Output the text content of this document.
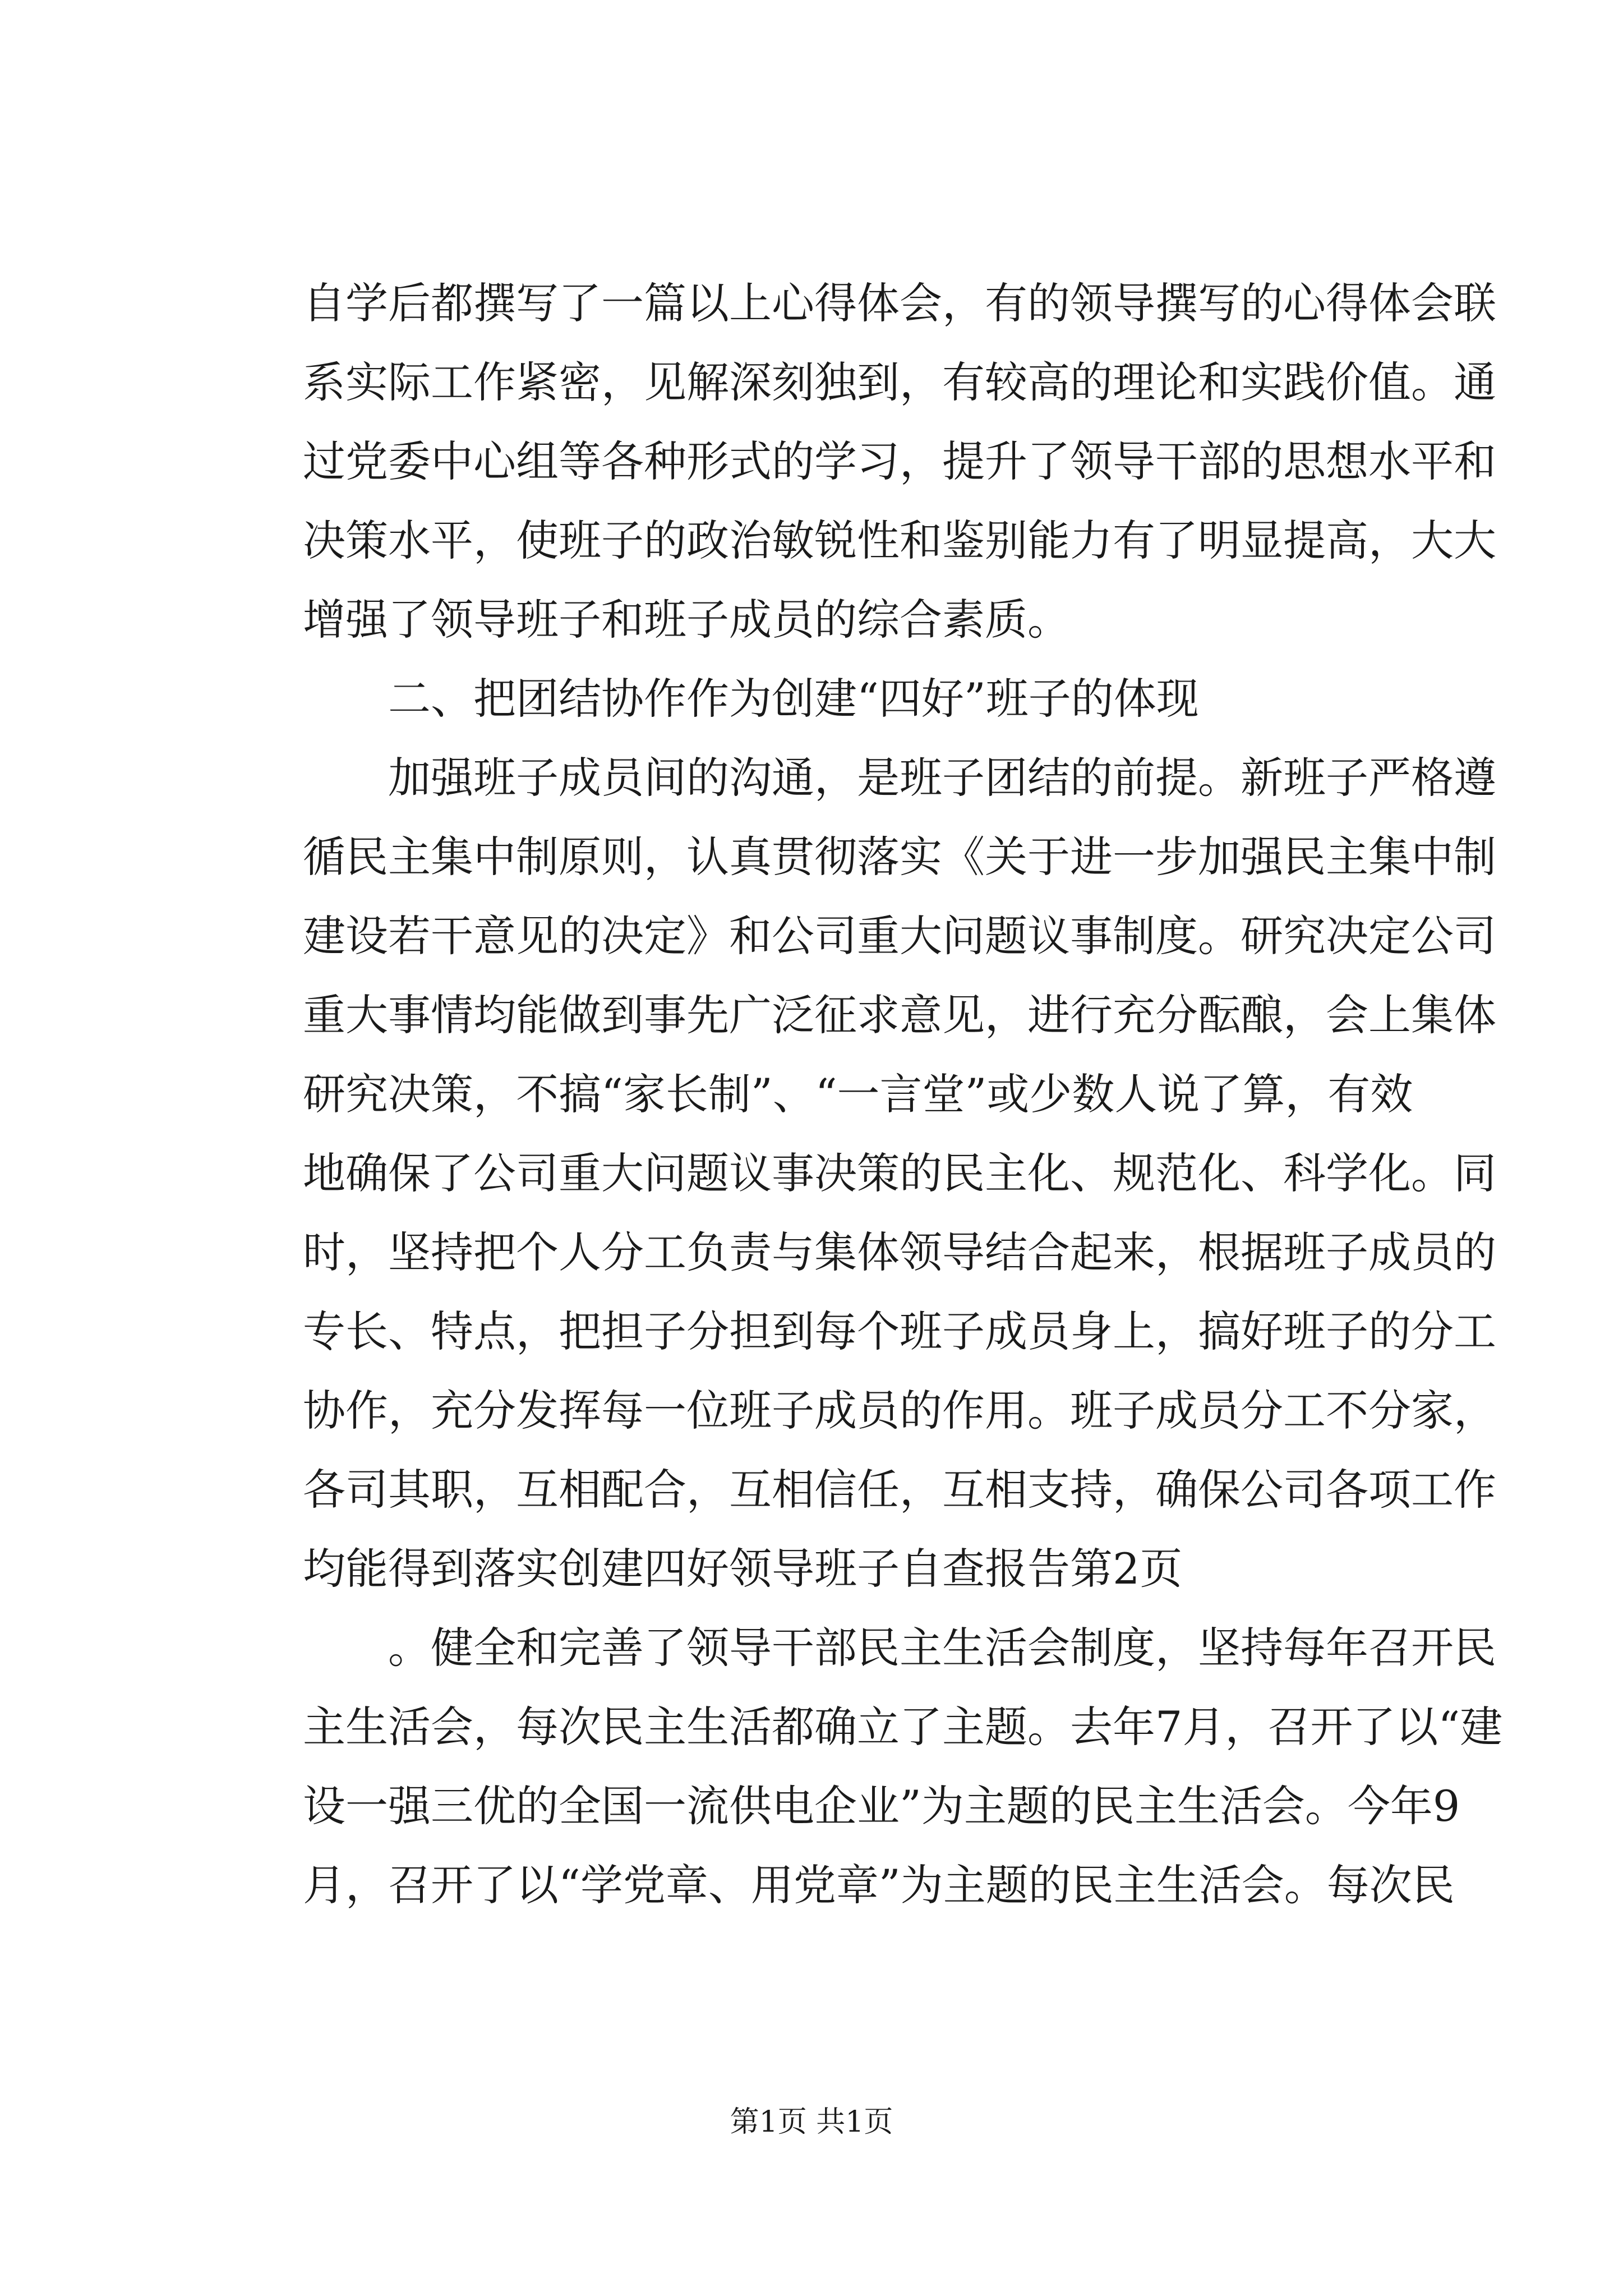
自学后都撰写了一篇以上心得体会，有的领导撰写的心得体会联
系实际工作紧密，见解深刻独到，有较高的理论和实践价值。通
过党委中心组等各种形式的学习，提升了领导干部的思想水平和
决策水平，使班子的政治敏锐性和鉴别能力有了明显提高，大大
增强了领导班子和班子成员的综合素质。
二、把团结协作作为创建“四好”班子的体现
加强班子成员间的沟通，是班子团结的前提。新班子严格遵
循民主集中制原则，认真贯彻落实《关于进一步加强民主集中制
建设若干意见的决定》和公司重大问题议事制度。研究决定公司
重大事情均能做到事先广泛征求意见，进行充分酝酿，会上集体
研究决策，不搞“家长制”、“一言堂”或少数人说了算，有效
地确保了公司重大问题议事决策的民主化、规范化、科学化。同
时，坚持把个人分工负责与集体领导结合起来，根据班子成员的
专长、特点，把担子分担到每个班子成员身上，搞好班子的分工
协作，充分发挥每一位班子成员的作用。班子成员分工不分家，
各司其职，互相配合，互相信任，互相支持，确保公司各项工作
均能得到落实创建四好领导班子自查报告第2页
。健全和完善了领导干部民主生活会制度，坚持每年召开民
主生活会，每次民主生活都确立了主题。去年7月，召开了以“建
设一强三优的全国一流供电企业”为主题的民主生活会。今年9
月，召开了以“学党章、用党章”为主题的民主生活会。每次民
第1页 共1页
